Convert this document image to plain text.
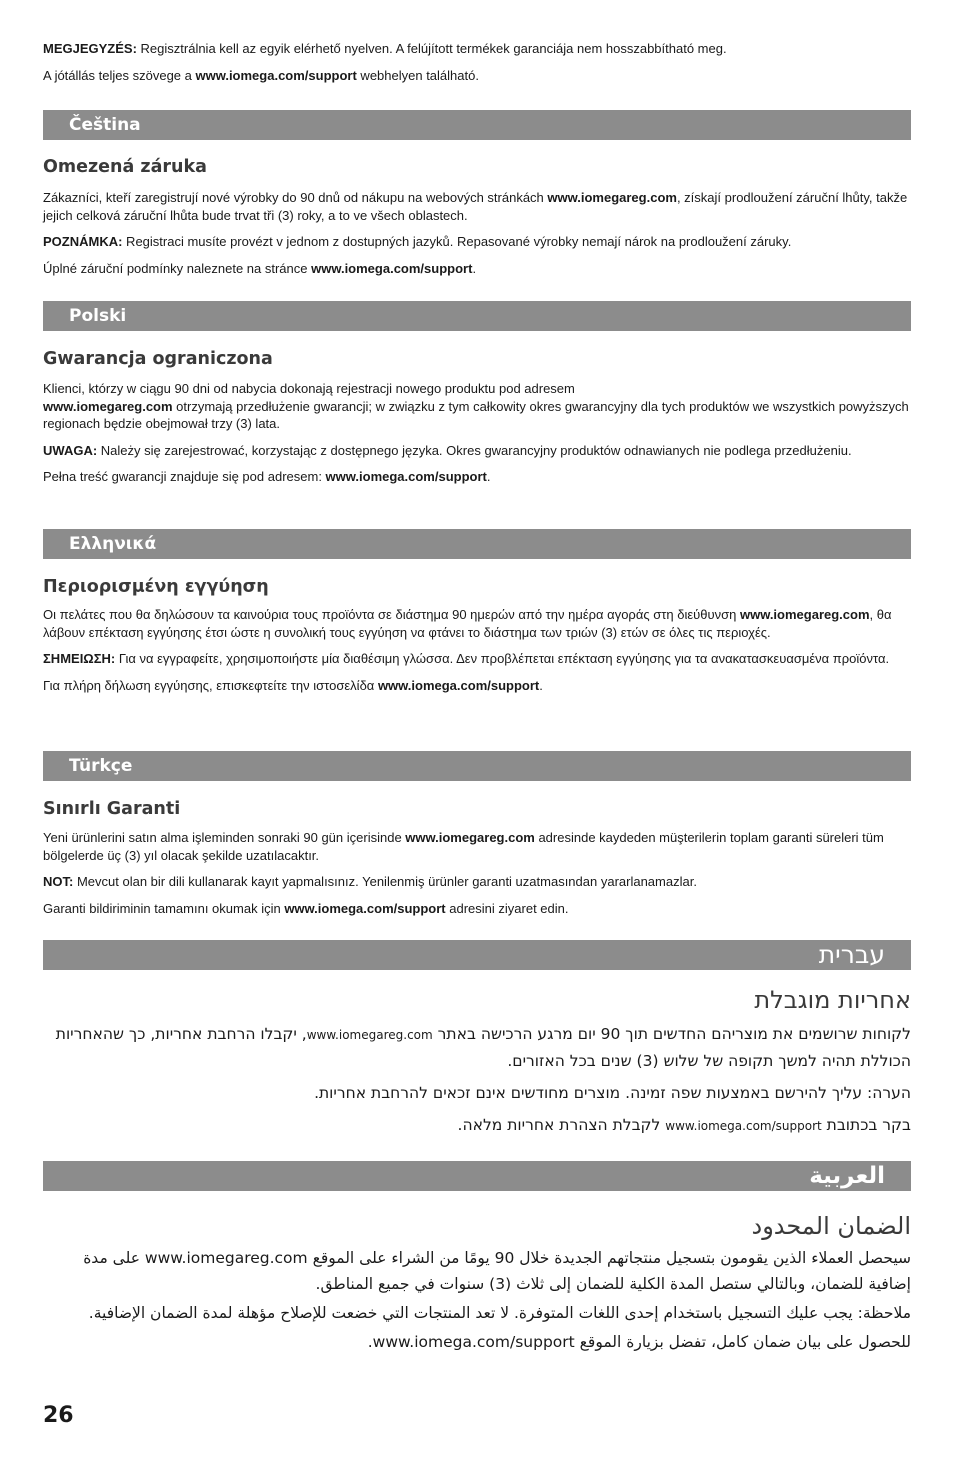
MEGJEGYZÉS: Regisztrálnia kell az egyik elérhető nyelven. A felújított termékek garanciája nem hosszabbítható meg.

A jótállás teljes szövege a www.iomega.com/support webhelyen található.

Čeština
Omezená záruka

Zákazníci, kteří zaregistrují nové výrobky do 90 dnů od nákupu na webových stránkách www.iomegareg.com, získají prodloužení záruční lhůty, takže jejich celková záruční lhůta bude trvat tři (3) roky, a to ve všech oblastech.

POZNÁMKA: Registraci musíte provézt v jednom z dostupných jazyků. Repasované výrobky nemají nárok na prodloužení záruky.

Úplné záruční podmínky naleznete na stránce www.iomega.com/support.

Polski
Gwarancja ograniczona

Klienci, którzy w ciągu 90 dni od nabycia dokonają rejestracji nowego produktu pod adresem
www.iomegareg.com otrzymają przedłużenie gwarancji; w związku z tym całkowity okres gwarancyjny dla tych produktów we wszystkich powyższych regionach będzie obejmował trzy (3) lata.

UWAGA: Należy się zarejestrować, korzystając z dostępnego języka. Okres gwarancyjny produktów odnawianych nie podlega przedłużeniu.

Pełna treść gwarancji znajduje się pod adresem: www.iomega.com/support.

Ελληνικά
Περιορισμένη εγγύηση

Οι πελάτες που θα δηλώσουν τα καινούρια τους προϊόντα σε διάστημα 90 ημερών από την ημέρα αγοράς στη διεύθυνση www.iomegareg.com, θα λάβουν επέκταση εγγύησης έτσι ώστε η συνολική τους εγγύηση να φτάνει το διάστημα των τριών (3) ετών σε όλες τις περιοχές.

ΣΗΜΕΙΩΣΗ: Για να εγγραφείτε, χρησιμοποιήστε μία διαθέσιμη γλώσσα. Δεν προβλέπεται επέκταση εγγύησης για τα ανακατασκευασμένα προϊόντα.

Για πλήρη δήλωση εγγύησης, επισκεφτείτε την ιστοσελίδα www.iomega.com/support.

Türkçe
Sınırlı Garanti

Yeni ürünlerini satın alma işleminden sonraki 90 gün içerisinde www.iomegareg.com adresinde kaydeden müşterilerin toplam garanti süreleri tüm bölgelerde üç (3) yıl olacak şekilde uzatılacaktır.

NOT: Mevcut olan bir dili kullanarak kayıt yapmalısınız. Yenilenmiş ürünler garanti uzatmasından yararlanamazlar.

Garanti bildiriminin tamamını okumak için www.iomega.com/support adresini ziyaret edin.

עברית
אחריות מוגבלת

לקוחות שרושמים את מוצריהם החדשים תוך 90 יום מרגע הרכישה באתר www.iomegareg.com, יקבלו הרחבת אחריות, כך שהאחריות הכוללת תהיה למשך תקופה של שלוש (3) שנים בכל האזורים.

הערה: עליך להירשם באמצעות שפה זמינה. מוצרים מחודשים אינם זכאים להרחבת אחריות.

בקר בכתובת www.iomega.com/support לקבלת הצהרת אחריות מלאה.

العربية
الضمان المحدود

سيحصل العملاء الذين يقومون بتسجيل منتجاتهم الجديدة خلال 90 يومًا من الشراء على الموقع www.iomegareg.com على مدة إضافية للضمان، وبالتالي ستصل المدة الكلية للضمان إلى ثلاث (3) سنوات في جميع المناطق.

ملاحظة: يجب عليك التسجيل باستخدام إحدى اللغات المتوفرة. لا تعد المنتجات التي خضعت للإصلاح مؤهلة لمدة الضمان الإضافية.

للحصول على بيان ضمان كامل، تفضل بزيارة الموقع www.iomega.com/support.

26
